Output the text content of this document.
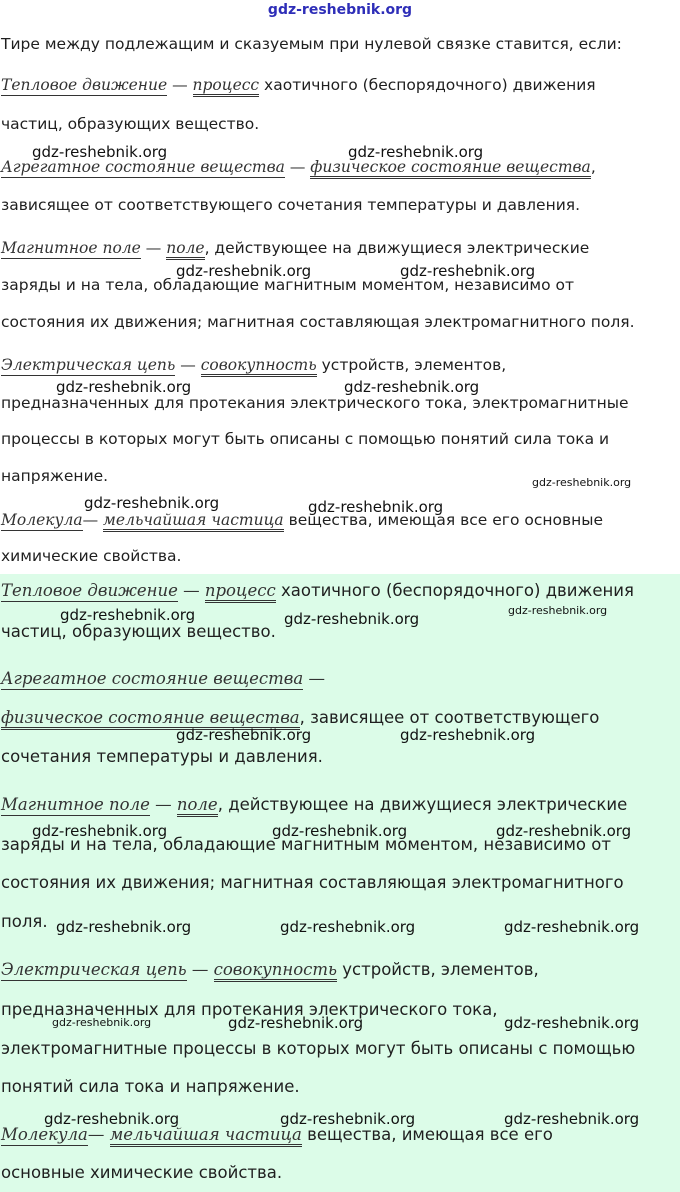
gdz-reshebnik.org
Тире между подлежащим и сказуемым при нулевой связке ставится, если:
Тепловое движение — процесс хаотичного (беспорядочного) движения
частиц, образующих вещество.
Агрегатное состояние вещества — физическое состояние вещества,
зависящее от соответствующего сочетания температуры и давления.
Магнитное поле — поле, действующее на движущиеся электрические
заряды и на тела, обладающие магнитным моментом, независимо от
состояния их движения; магнитная составляющая электромагнитного поля.
Электрическая цепь — совокупность устройств, элементов,
предназначенных для протекания электрического тока, электромагнитные
процессы в которых могут быть описаны с помощью понятий сила тока и
напряжение.
Молекула— мельчайшая частица вещества, имеющая все его основные
химические свойства.
Тепловое движение — процесс хаотичного (беспорядочного) движения
частиц, образующих вещество.
Агрегатное состояние вещества —
физическое состояние вещества, зависящее от соответствующего
сочетания температуры и давления.
Магнитное поле — поле, действующее на движущиеся электрические
заряды и на тела, обладающие магнитным моментом, независимо от
состояния их движения; магнитная составляющая электромагнитного
поля.
Электрическая цепь — совокупность устройств, элементов,
предназначенных для протекания электрического тока,
электромагнитные процессы в которых могут быть описаны с помощью
понятий сила тока и напряжение.
Молекула— мельчайшая частица вещества, имеющая все его
основные химические свойства.
gdz-reshebnik.org	gdz-reshebnik.org
gdz-reshebnik.org	gdz-reshebnik.org
gdz-reshebnik.org	gdz-reshebnik.org
gdz-reshebnik.org
gdz-reshebnik.org	gdz-reshebnik.org
gdz-reshebnik.org
gdz-reshebnik.org	gdz-reshebnik.org
gdz-reshebnik.org	gdz-reshebnik.org
gdz-reshebnik.org	gdz-reshebnik.org	gdz-reshebnik.org
gdz-reshebnik.org	gdz-reshebnik.org	gdz-reshebnik.org
gdz-reshebnik.org	gdz-reshebnik.org	gdz-reshebnik.org
gdz-reshebnik.org	gdz-reshebnik.org	gdz-reshebnik.org
